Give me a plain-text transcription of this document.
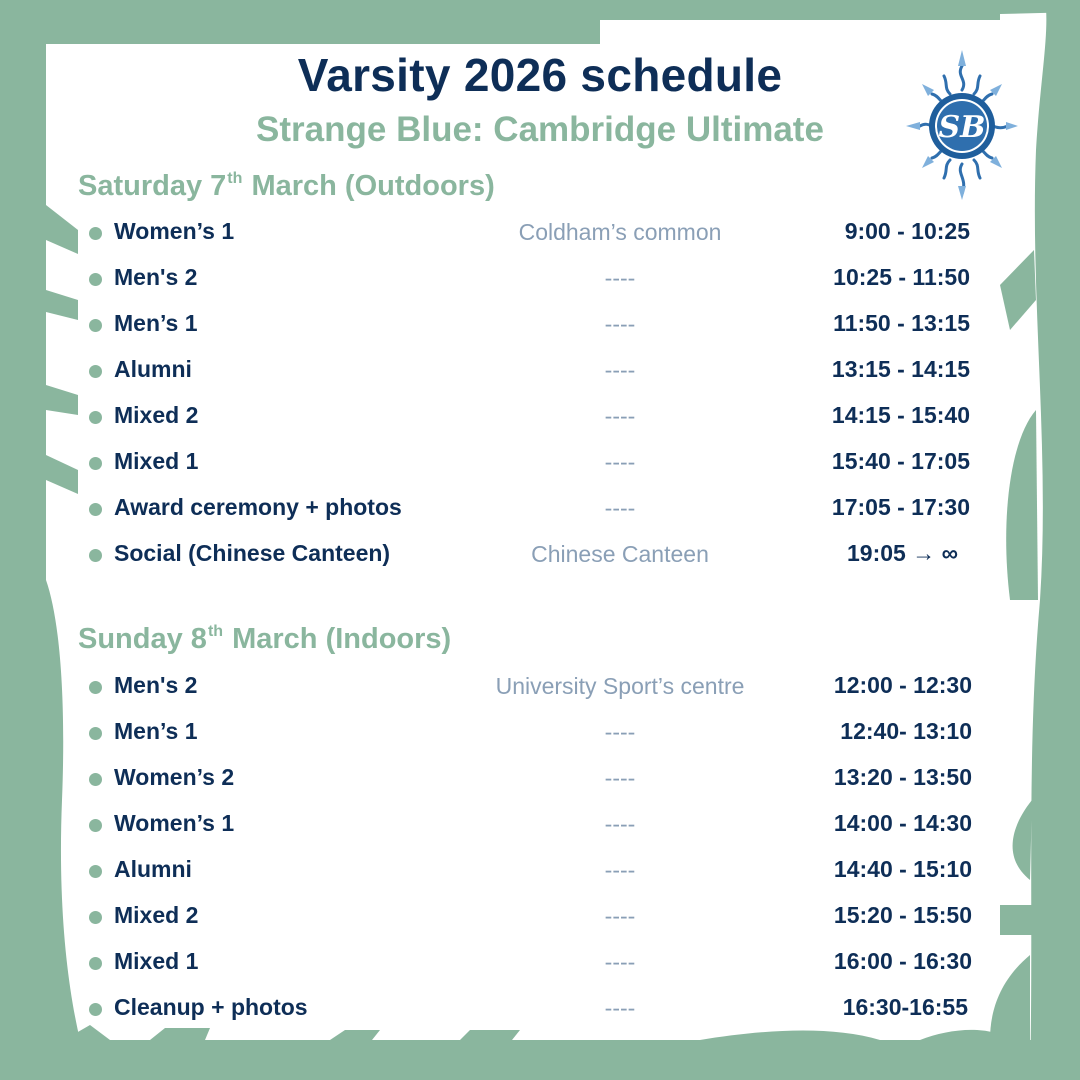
Varsity 2026 schedule
Strange Blue: Cambridge Ultimate	SB
Saturday 7th March (Outdoors)
Women’s 1	Coldham’s common	9:00 - 10:25
Men's 2	----	10:25 - 11:50
Men’s 1	----	11:50 - 13:15
Alumni	----	13:15 - 14:15
Mixed 2	----	14:15 - 15:40
Mixed 1	----	15:40 - 17:05
Award ceremony + photos	----	17:05 - 17:30
Social (Chinese Canteen)	Chinese Canteen	19:05 → ∞
Sunday 8th March (Indoors)
Men's 2	University Sport’s centre	12:00 - 12:30
Men’s 1	----	12:40- 13:10
Women’s 2	----	13:20 - 13:50
Women’s 1	----	14:00 - 14:30
Alumni	----	14:40 - 15:10
Mixed 2	----	15:20 - 15:50
Mixed 1	----	16:00 - 16:30
Cleanup + photos	----	16:30-16:55
